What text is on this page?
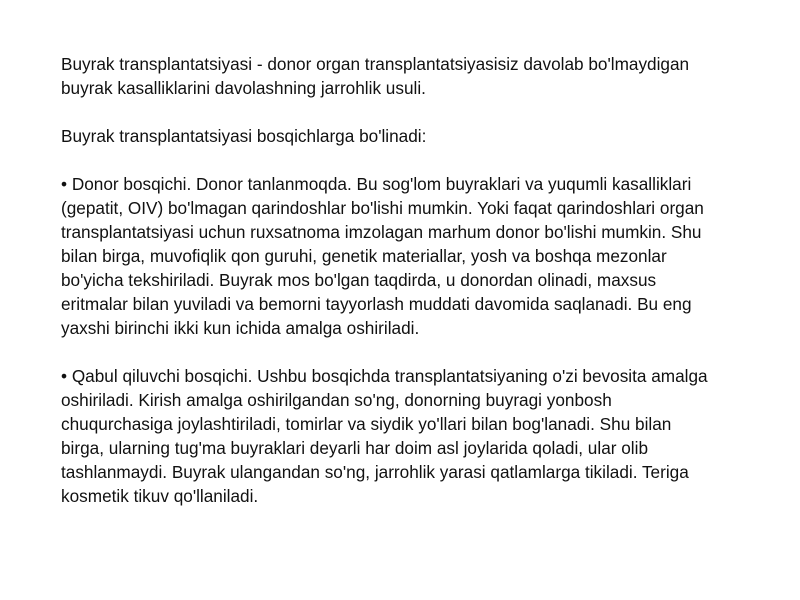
Buyrak transplantatsiyasi - donor organ transplantatsiyasisiz davolab bo'lmaydigan buyrak kasalliklarini davolashning jarrohlik usuli.

Buyrak transplantatsiyasi bosqichlarga bo'linadi:

• Donor bosqichi. Donor tanlanmoqda. Bu sog'lom buyraklari va yuqumli kasalliklari (gepatit, OIV) bo'lmagan qarindoshlar bo'lishi mumkin. Yoki faqat qarindoshlari organ transplantatsiyasi uchun ruxsatnoma imzolagan marhum donor bo'lishi mumkin. Shu bilan birga, muvofiqlik qon guruhi, genetik materiallar, yosh va boshqa mezonlar bo'yicha tekshiriladi. Buyrak mos bo'lgan taqdirda, u donordan olinadi, maxsus eritmalar bilan yuviladi va bemorni tayyorlash muddati davomida saqlanadi. Bu eng yaxshi birinchi ikki kun ichida amalga oshiriladi.

• Qabul qiluvchi bosqichi. Ushbu bosqichda transplantatsiyaning o'zi bevosita amalga oshiriladi. Kirish amalga oshirilgandan so'ng, donorning buyragi yonbosh chuqurchasiga joylashtiriladi, tomirlar va siydik yo'llari bilan bog'lanadi. Shu bilan birga, ularning tug'ma buyraklari deyarli har doim asl joylarida qoladi, ular olib tashlanmaydi. Buyrak ulangandan so'ng, jarrohlik yarasi qatlamlarga tikiladi. Teriga kosmetik tikuv qo'llaniladi.
